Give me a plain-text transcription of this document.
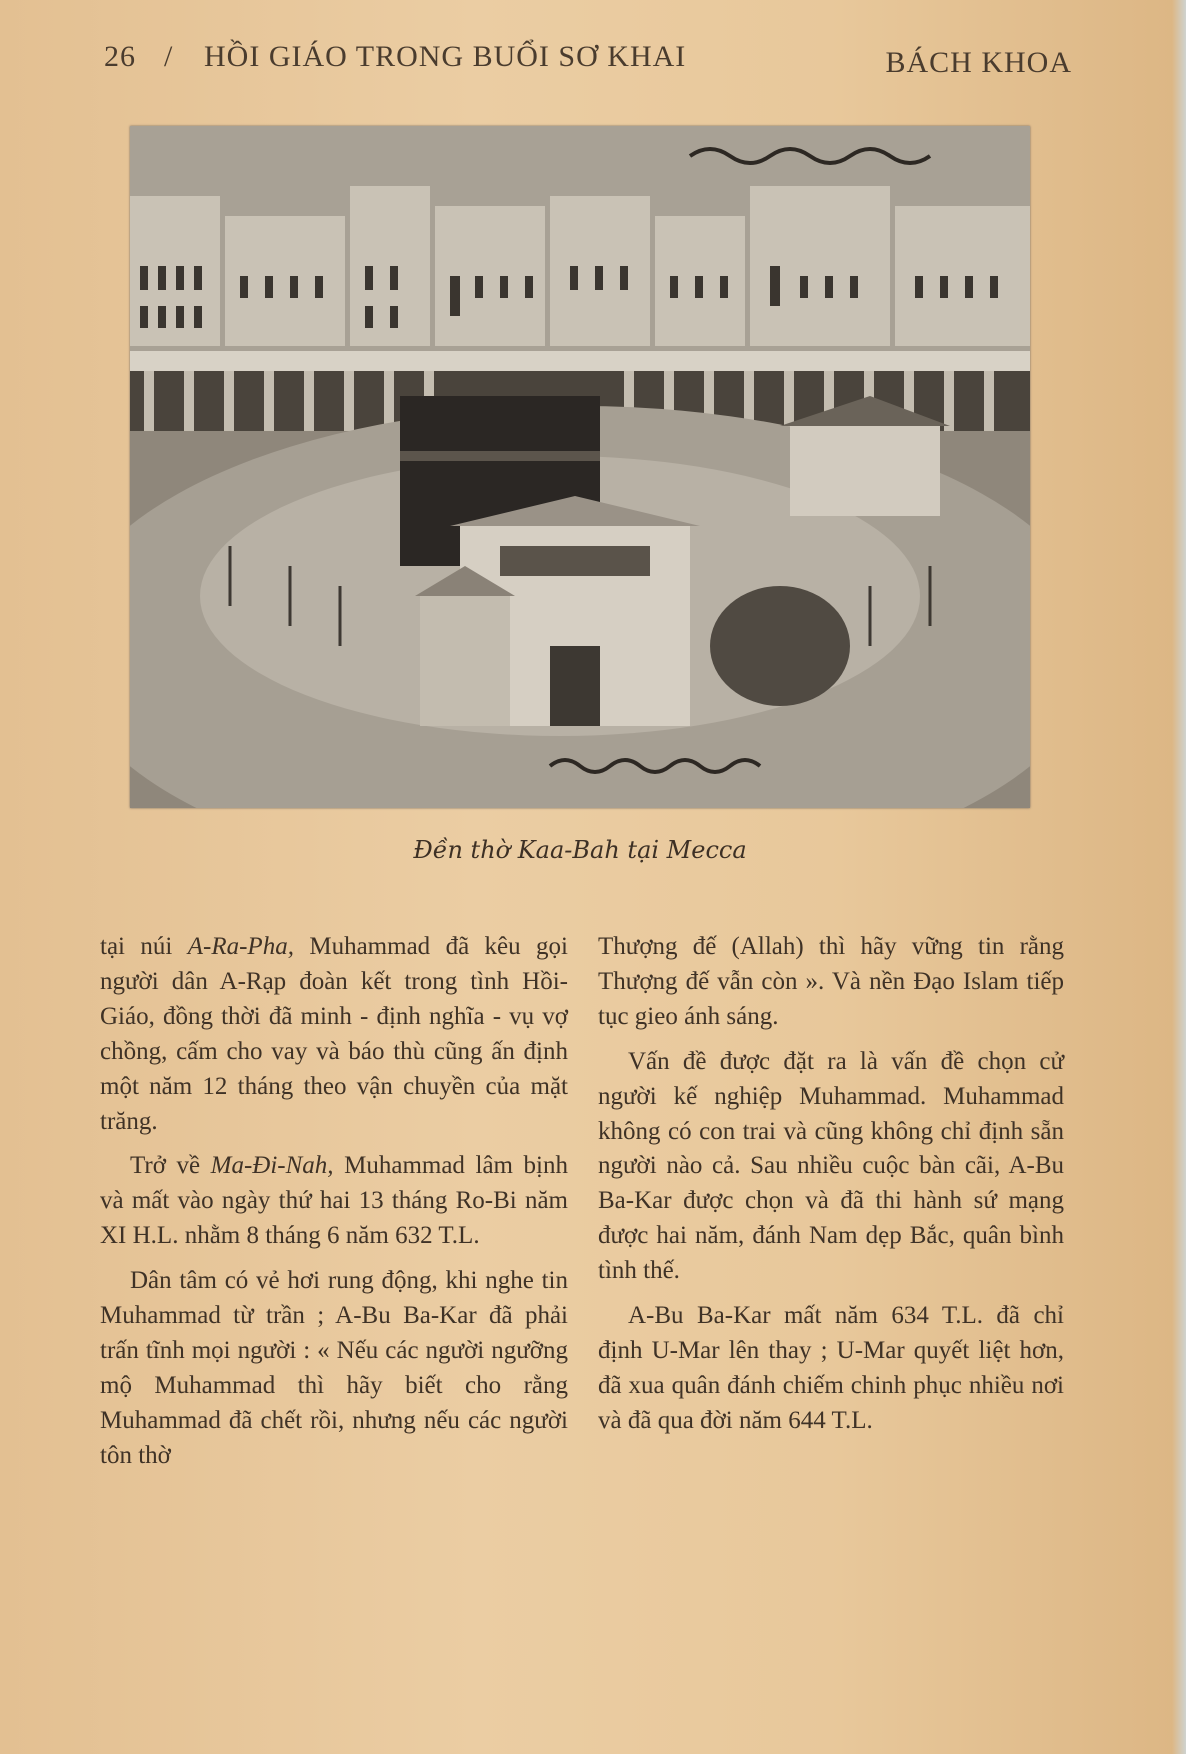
26 / HỒI GIÁO TRONG BUỔI SƠ KHAI	BÁCH KHOA
Đền thờ Kaa-Bah tại Mecca

tại núi A-Ra-Pha, Muhammad đã kêu gọi người dân A-Rạp đoàn kết trong tình Hồi-Giáo, đồng thời đã minh - định nghĩa - vụ vợ chồng, cấm cho vay và báo thù cũng ấn định một năm 12 tháng theo vận chuyền của mặt trăng.

Trở về Ma-Đi-Nah, Muhammad lâm bịnh và mất vào ngày thứ hai 13 tháng Ro-Bi năm XI H.L. nhằm 8 tháng 6 năm 632 T.L.

Dân tâm có vẻ hơi rung động, khi nghe tin Muhammad từ trần ; A-Bu Ba-Kar đã phải trấn tĩnh mọi người : « Nếu các người ngưỡng mộ Muhammad thì hãy biết cho rằng Muhammad đã chết rồi, nhưng nếu các người tôn thờ

Thượng đế (Allah) thì hãy vững tin rằng Thượng đế vẫn còn ». Và nền Đạo Islam tiếp tục gieo ánh sáng.

Vấn đề được đặt ra là vấn đề chọn cử người kế nghiệp Muhammad. Muhammad không có con trai và cũng không chỉ định sẵn người nào cả. Sau nhiều cuộc bàn cãi, A-Bu Ba-Kar được chọn và đã thi hành sứ mạng được hai năm, đánh Nam dẹp Bắc, quân bình tình thế.

A-Bu Ba-Kar mất năm 634 T.L. đã chỉ định U-Mar lên thay ; U-Mar quyết liệt hơn, đã xua quân đánh chiếm chinh phục nhiều nơi và đã qua đời năm 644 T.L.
